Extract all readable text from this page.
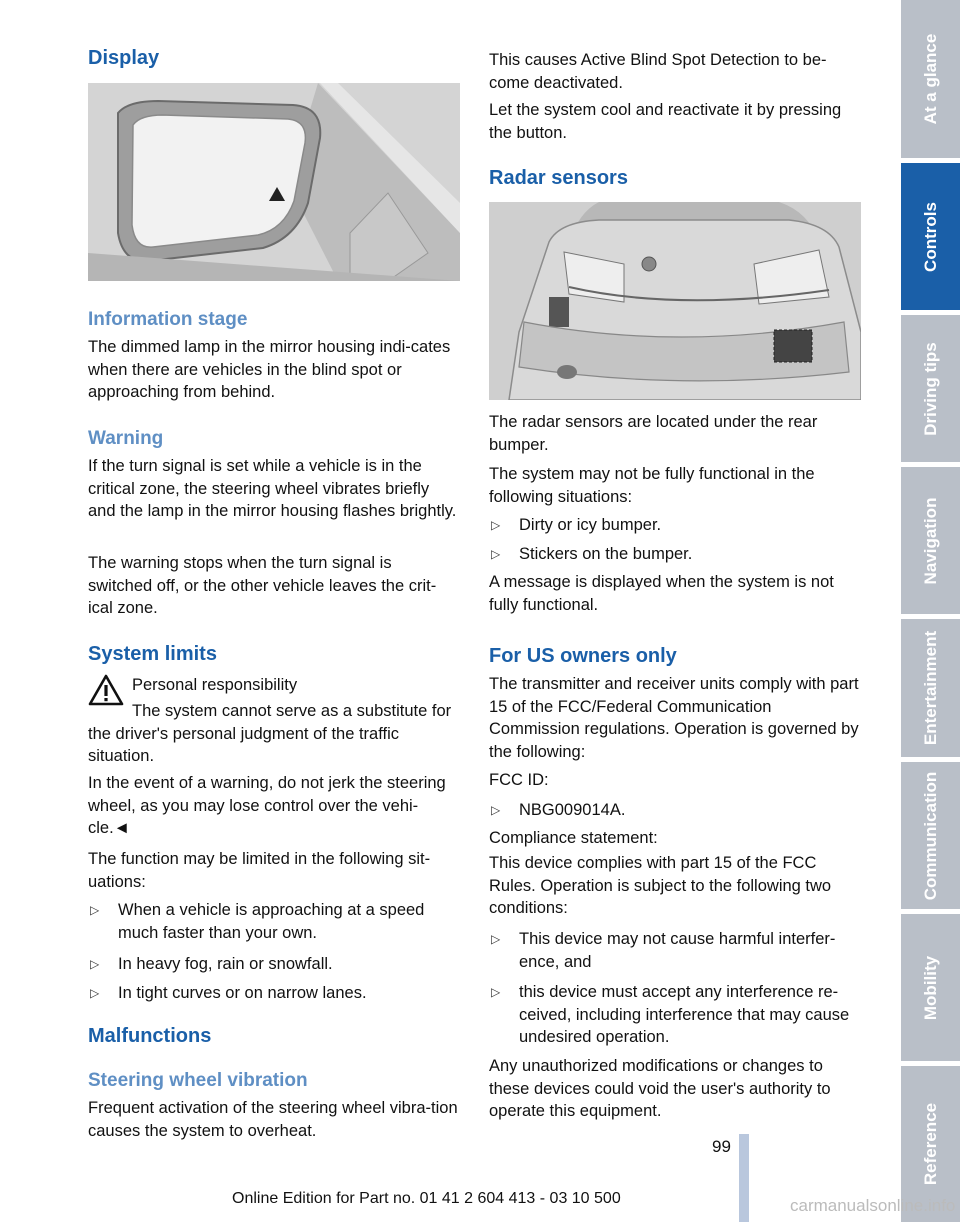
Display
Information stage

The dimmed lamp in the mirror housing indi-cates when there are vehicles in the blind spot or approaching from behind.

Warning

If the turn signal is set while a vehicle is in the critical zone, the steering wheel vibrates briefly and the lamp in the mirror housing flashes brightly.

The warning stops when the turn signal is switched off, or the other vehicle leaves the crit-ical zone.

System limits
Personal responsibility

The system cannot serve as a substitute for the driver's personal judgment of the traffic situation.

In the event of a warning, do not jerk the steering wheel, as you may lose control over the vehi-cle.◄

The function may be limited in the following sit-uations:

▷ When a vehicle is approaching at a speed much faster than your own.
▷ In heavy fog, rain or snowfall.
▷ In tight curves or on narrow lanes.
Malfunctions
Steering wheel vibration

Frequent activation of the steering wheel vibra-tion causes the system to overheat.

This causes Active Blind Spot Detection to be-come deactivated.

Let the system cool and reactivate it by pressing the button.

Radar sensors

The radar sensors are located under the rear bumper.

The system may not be fully functional in the following situations:

▷ Dirty or icy bumper.
▷ Stickers on the bumper.

A message is displayed when the system is not fully functional.

For US owners only

The transmitter and receiver units comply with part 15 of the FCC/Federal Communication Commission regulations. Operation is governed by the following:

FCC ID:

▷ NBG009014A.

Compliance statement:

This device complies with part 15 of the FCC Rules. Operation is subject to the following two conditions:

▷ This device may not cause harmful interfer-ence, and
▷ this device must accept any interference re-ceived, including interference that may cause undesired operation.

Any unauthorized modifications or changes to these devices could void the user's authority to operate this equipment.

At a glance
Controls
Driving tips
Navigation
Entertainment
Communication
Mobility
Reference
99
Online Edition for Part no. 01 41 2 604 413 - 03 10 500	carmanualsonline.info
